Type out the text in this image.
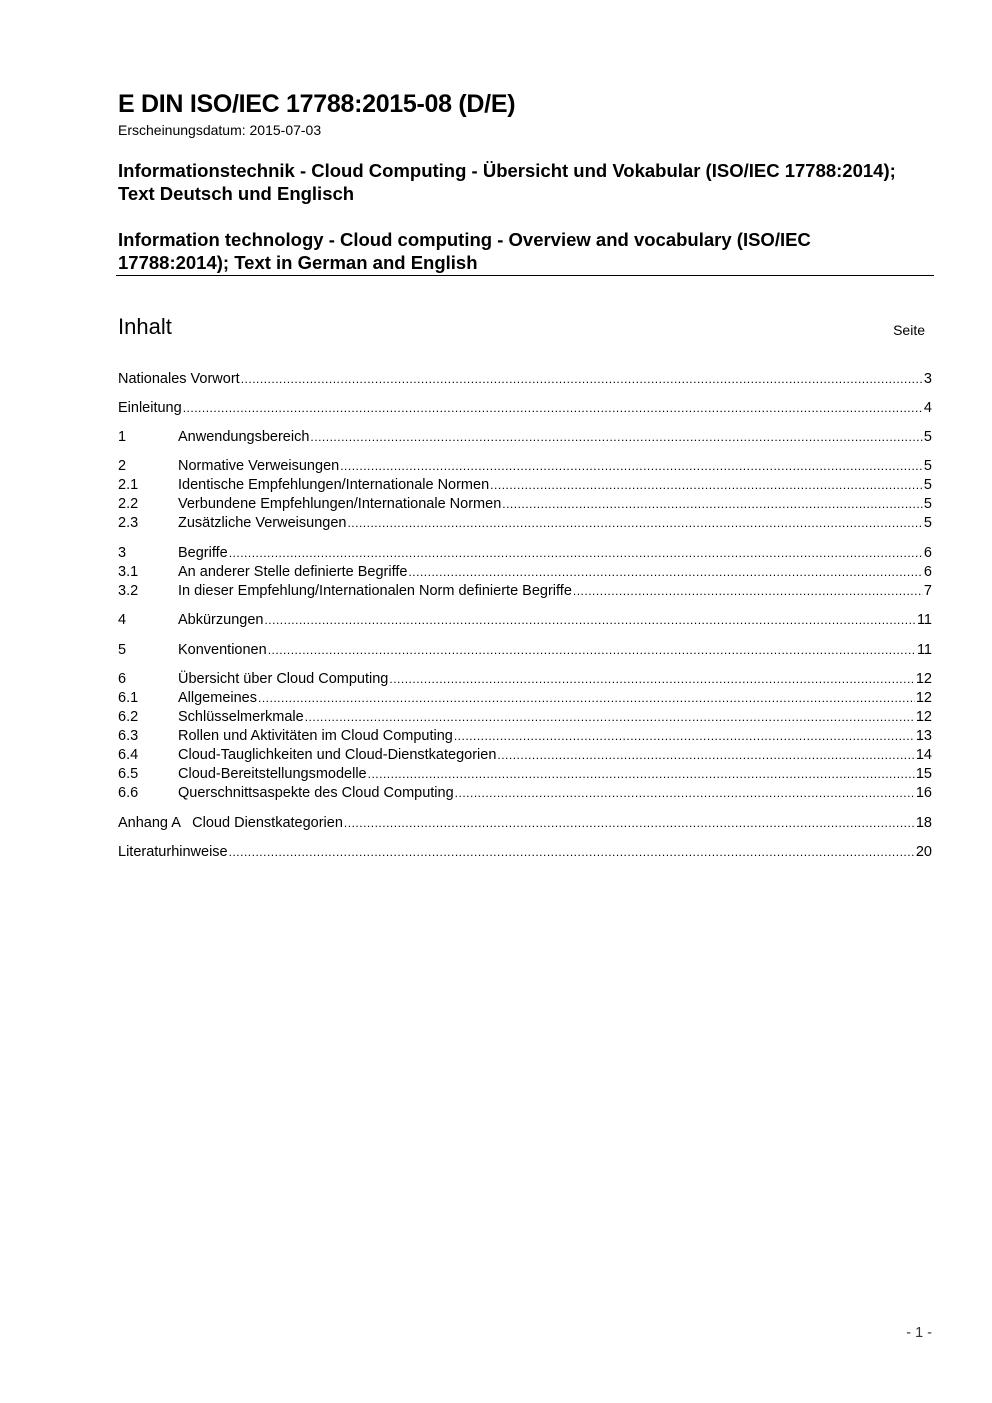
E DIN ISO/IEC 17788:2015-08 (D/E)
Erscheinungsdatum: 2015-07-03
Informationstechnik - Cloud Computing - Übersicht und Vokabular (ISO/IEC 17788:2014); Text Deutsch und Englisch
Information technology - Cloud computing - Overview and vocabulary (ISO/IEC 17788:2014); Text in German and English
Inhalt	Seite
Nationales Vorwort .....	3
Einleitung .....	4
1	Anwendungsbereich .....	5
2	Normative Verweisungen .....	5
2.1	Identische Empfehlungen/Internationale Normen .....	5
2.2	Verbundene Empfehlungen/Internationale Normen .....	5
2.3	Zusätzliche Verweisungen .....	5
3	Begriffe .....	6
3.1	An anderer Stelle definierte Begriffe .....	6
3.2	In dieser Empfehlung/Internationalen Norm definierte Begriffe .....	7
4	Abkürzungen .....	11
5	Konventionen .....	11
6	Übersicht über Cloud Computing .....	12
6.1	Allgemeines .....	12
6.2	Schlüsselmerkmale .....	12
6.3	Rollen und Aktivitäten im Cloud Computing .....	13
6.4	Cloud-Tauglichkeiten und Cloud-Dienstkategorien .....	14
6.5	Cloud-Bereitstellungsmodelle .....	15
6.6	Querschnittsaspekte des Cloud Computing .....	16
Anhang A   Cloud Dienstkategorien .....	18
Literaturhinweise .....	20
- 1 -
